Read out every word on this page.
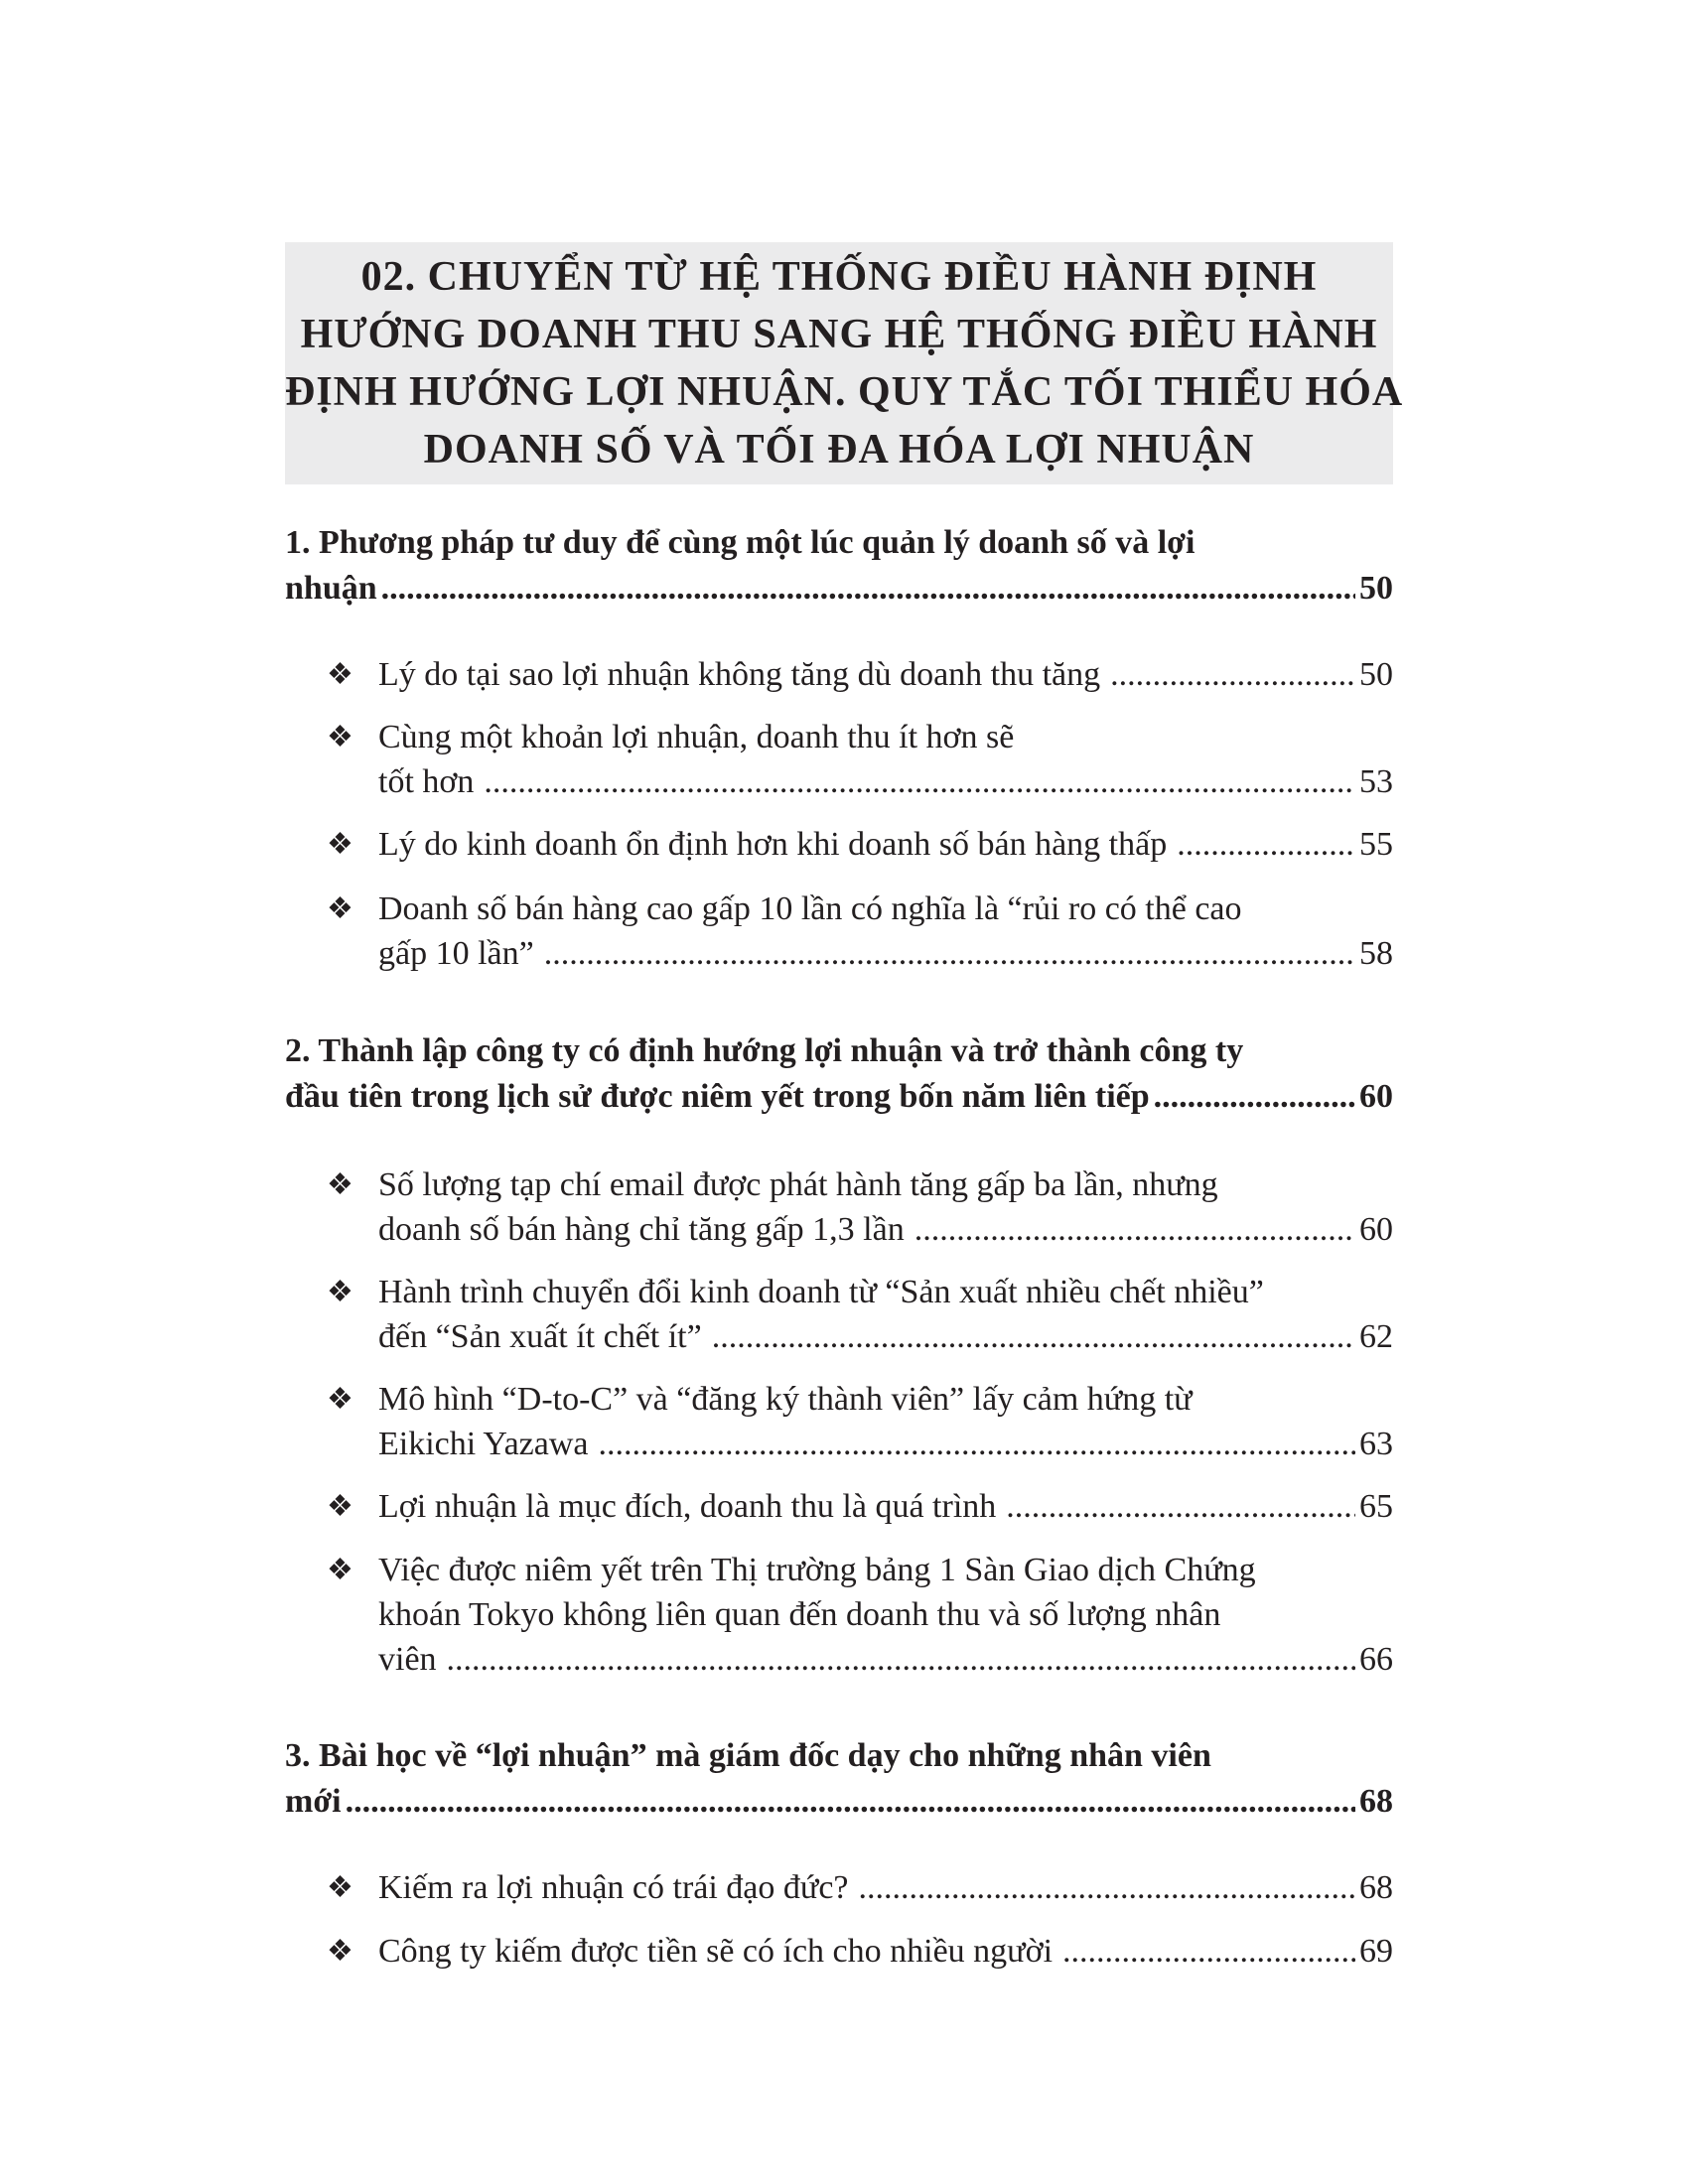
02. CHUYỂN TỪ HỆ THỐNG ĐIỀU HÀNH ĐỊNH
HƯỚNG DOANH THU SANG HỆ THỐNG ĐIỀU HÀNH
ĐỊNH HƯỚNG LỢI NHUẬN. QUY TẮC TỐI THIỂU HÓA
DOANH SỐ VÀ TỐI ĐA HÓA LỢI NHUẬN
1. Phương pháp tư duy để cùng một lúc quản lý doanh số và lợi
nhuận .....	50
❖ Lý do tại sao lợi nhuận không tăng dù doanh thu tăng .....	50
❖ Cùng một khoản lợi nhuận, doanh thu ít hơn sẽ
tốt hơn .....	53
❖ Lý do kinh doanh ổn định hơn khi doanh số bán hàng thấp .....	55
❖ Doanh số bán hàng cao gấp 10 lần có nghĩa là “rủi ro có thể cao
gấp 10 lần” .....	58
2. Thành lập công ty có định hướng lợi nhuận và trở thành công ty
đầu tiên trong lịch sử được niêm yết trong bốn năm liên tiếp .....	60
❖ Số lượng tạp chí email được phát hành tăng gấp ba lần, nhưng
doanh số bán hàng chỉ tăng gấp 1,3 lần .....	60
❖ Hành trình chuyển đổi kinh doanh từ “Sản xuất nhiều chết nhiều”
đến “Sản xuất ít chết ít” .....	62
❖ Mô hình “D-to-C” và “đăng ký thành viên” lấy cảm hứng từ
Eikichi Yazawa .....	63
❖ Lợi nhuận là mục đích, doanh thu là quá trình .....	65
❖ Việc được niêm yết trên Thị trường bảng 1 Sàn Giao dịch Chứng
khoán Tokyo không liên quan đến doanh thu và số lượng nhân
viên .....	66
3. Bài học về “lợi nhuận” mà giám đốc dạy cho những nhân viên
mới .....	68
❖ Kiếm ra lợi nhuận có trái đạo đức? .....	68
❖ Công ty kiếm được tiền sẽ có ích cho nhiều người .....	69
